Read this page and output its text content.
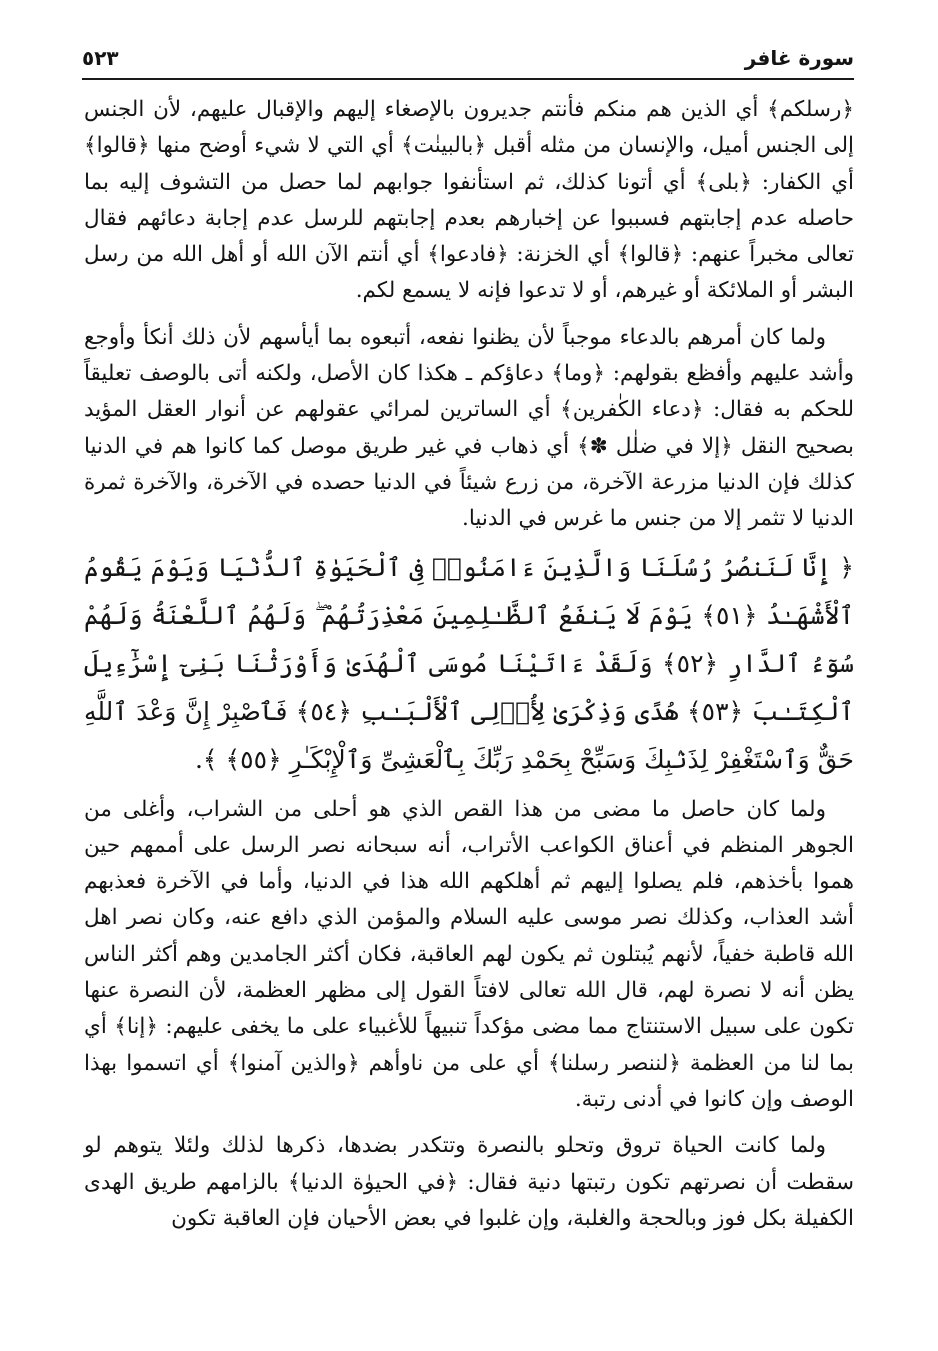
سورة غافر
٥٢٣

﴿رسلكم﴾ أي الذين هم منكم فأنتم جديرون بالإصغاء إليهم والإقبال عليهم، لأن الجنس إلى الجنس أميل، والإنسان من مثله أقبل ﴿بالبينٰت﴾ أي التي لا شيء أوضح منها ﴿قالوا﴾ أي الكفار: ﴿بلى﴾ أي أتونا كذلك، ثم استأنفوا جوابهم لما حصل من التشوف إليه بما حاصله عدم إجابتهم فسببوا عن إخبارهم بعدم إجابتهم للرسل عدم إجابة دعائهم فقال تعالى مخبراً عنهم: ﴿قالوا﴾ أي الخزنة: ﴿فادعوا﴾ أي أنتم الآن الله أو أهل الله من رسل البشر أو الملائكة أو غيرهم، أو لا تدعوا فإنه لا يسمع لكم.

ولما كان أمرهم بالدعاء موجباً لأن يظنوا نفعه، أتبعوه بما أيأسهم لأن ذلك أنكأ وأوجع وأشد عليهم وأفظع بقولهم: ﴿وما﴾ دعاؤكم ـ هكذا كان الأصل، ولكنه أتى بالوصف تعليقاً للحكم به فقال: ﴿دعاء الكٰفرين﴾ أي الساترين لمرائي عقولهم عن أنوار العقل المؤيد بصحيح النقل ﴿إلا في ضلٰل ✽﴾ أي ذهاب في غير طريق موصل كما كانوا هم في الدنيا كذلك فإن الدنيا مزرعة الآخرة، من زرع شيئاً في الدنيا حصده في الآخرة، والآخرة ثمرة الدنيا لا تثمر إلا من جنس ما غرس في الدنيا.

﴿ إِنَّا لَنَنصُرُ رُسُلَنَا وَالَّذِينَ ءَامَنُوا۟ فِى ٱلْحَيَوٰةِ ٱلدُّنْيَا وَيَوْمَ يَقُومُ ٱلْأَشْهَـٰدُ ﴿٥١﴾ يَوْمَ لَا يَنفَعُ ٱلظَّـٰلِمِينَ مَعْذِرَتُهُمْ ۖ وَلَهُمُ ٱللَّعْنَةُ وَلَهُمْ سُوٓءُ ٱلدَّارِ ﴿٥٢﴾ وَلَقَدْ ءَاتَيْنَا مُوسَى ٱلْهُدَىٰ وَأَوْرَثْنَا بَنِىٓ إِسْرَٰٓءِيلَ ٱلْكِتَـٰبَ ﴿٥٣﴾ هُدًى وَذِكْرَىٰ لِأُو۟لِى ٱلْأَلْبَـٰبِ ﴿٥٤﴾ فَٱصْبِرْ إِنَّ وَعْدَ ٱللَّهِ حَقٌّ وَٱسْتَغْفِرْ لِذَنۢبِكَ وَسَبِّحْ بِحَمْدِ رَبِّكَ بِٱلْعَشِىِّ وَٱلْإِبْكَـٰرِ ﴿٥٥﴾ ﴾.

ولما كان حاصل ما مضى من هذا القص الذي هو أحلى من الشراب، وأغلى من الجوهر المنظم في أعناق الكواعب الأتراب، أنه سبحانه نصر الرسل على أممهم حين هموا بأخذهم، فلم يصلوا إليهم ثم أهلكهم الله هذا في الدنيا، وأما في الآخرة فعذبهم أشد العذاب، وكذلك نصر موسى عليه السلام والمؤمن الذي دافع عنه، وكان نصر اهل الله قاطبة خفياً، لأنهم يُبتلون ثم يكون لهم العاقبة، فكان أكثر الجامدين وهم أكثر الناس يظن أنه لا نصرة لهم، قال الله تعالى لافتاً القول إلى مظهر العظمة، لأن النصرة عنها تكون على سبيل الاستنتاج مما مضى مؤكداً تنبيهاً للأغبياء على ما يخفى عليهم: ﴿إنا﴾ أي بما لنا من العظمة ﴿لننصر رسلنا﴾ أي على من ناوأهم ﴿والذين آمنوا﴾ أي اتسموا بهذا الوصف وإن كانوا في أدنى رتبة.

ولما كانت الحياة تروق وتحلو بالنصرة وتتكدر بضدها، ذكرها لذلك ولئلا يتوهم لو سقطت أن نصرتهم تكون رتبتها دنية فقال: ﴿في الحيوٰة الدنيا﴾ بالزامهم طريق الهدى الكفيلة بكل فوز وبالحجة والغلبة، وإن غلبوا في بعض الأحيان فإن العاقبة تكون
